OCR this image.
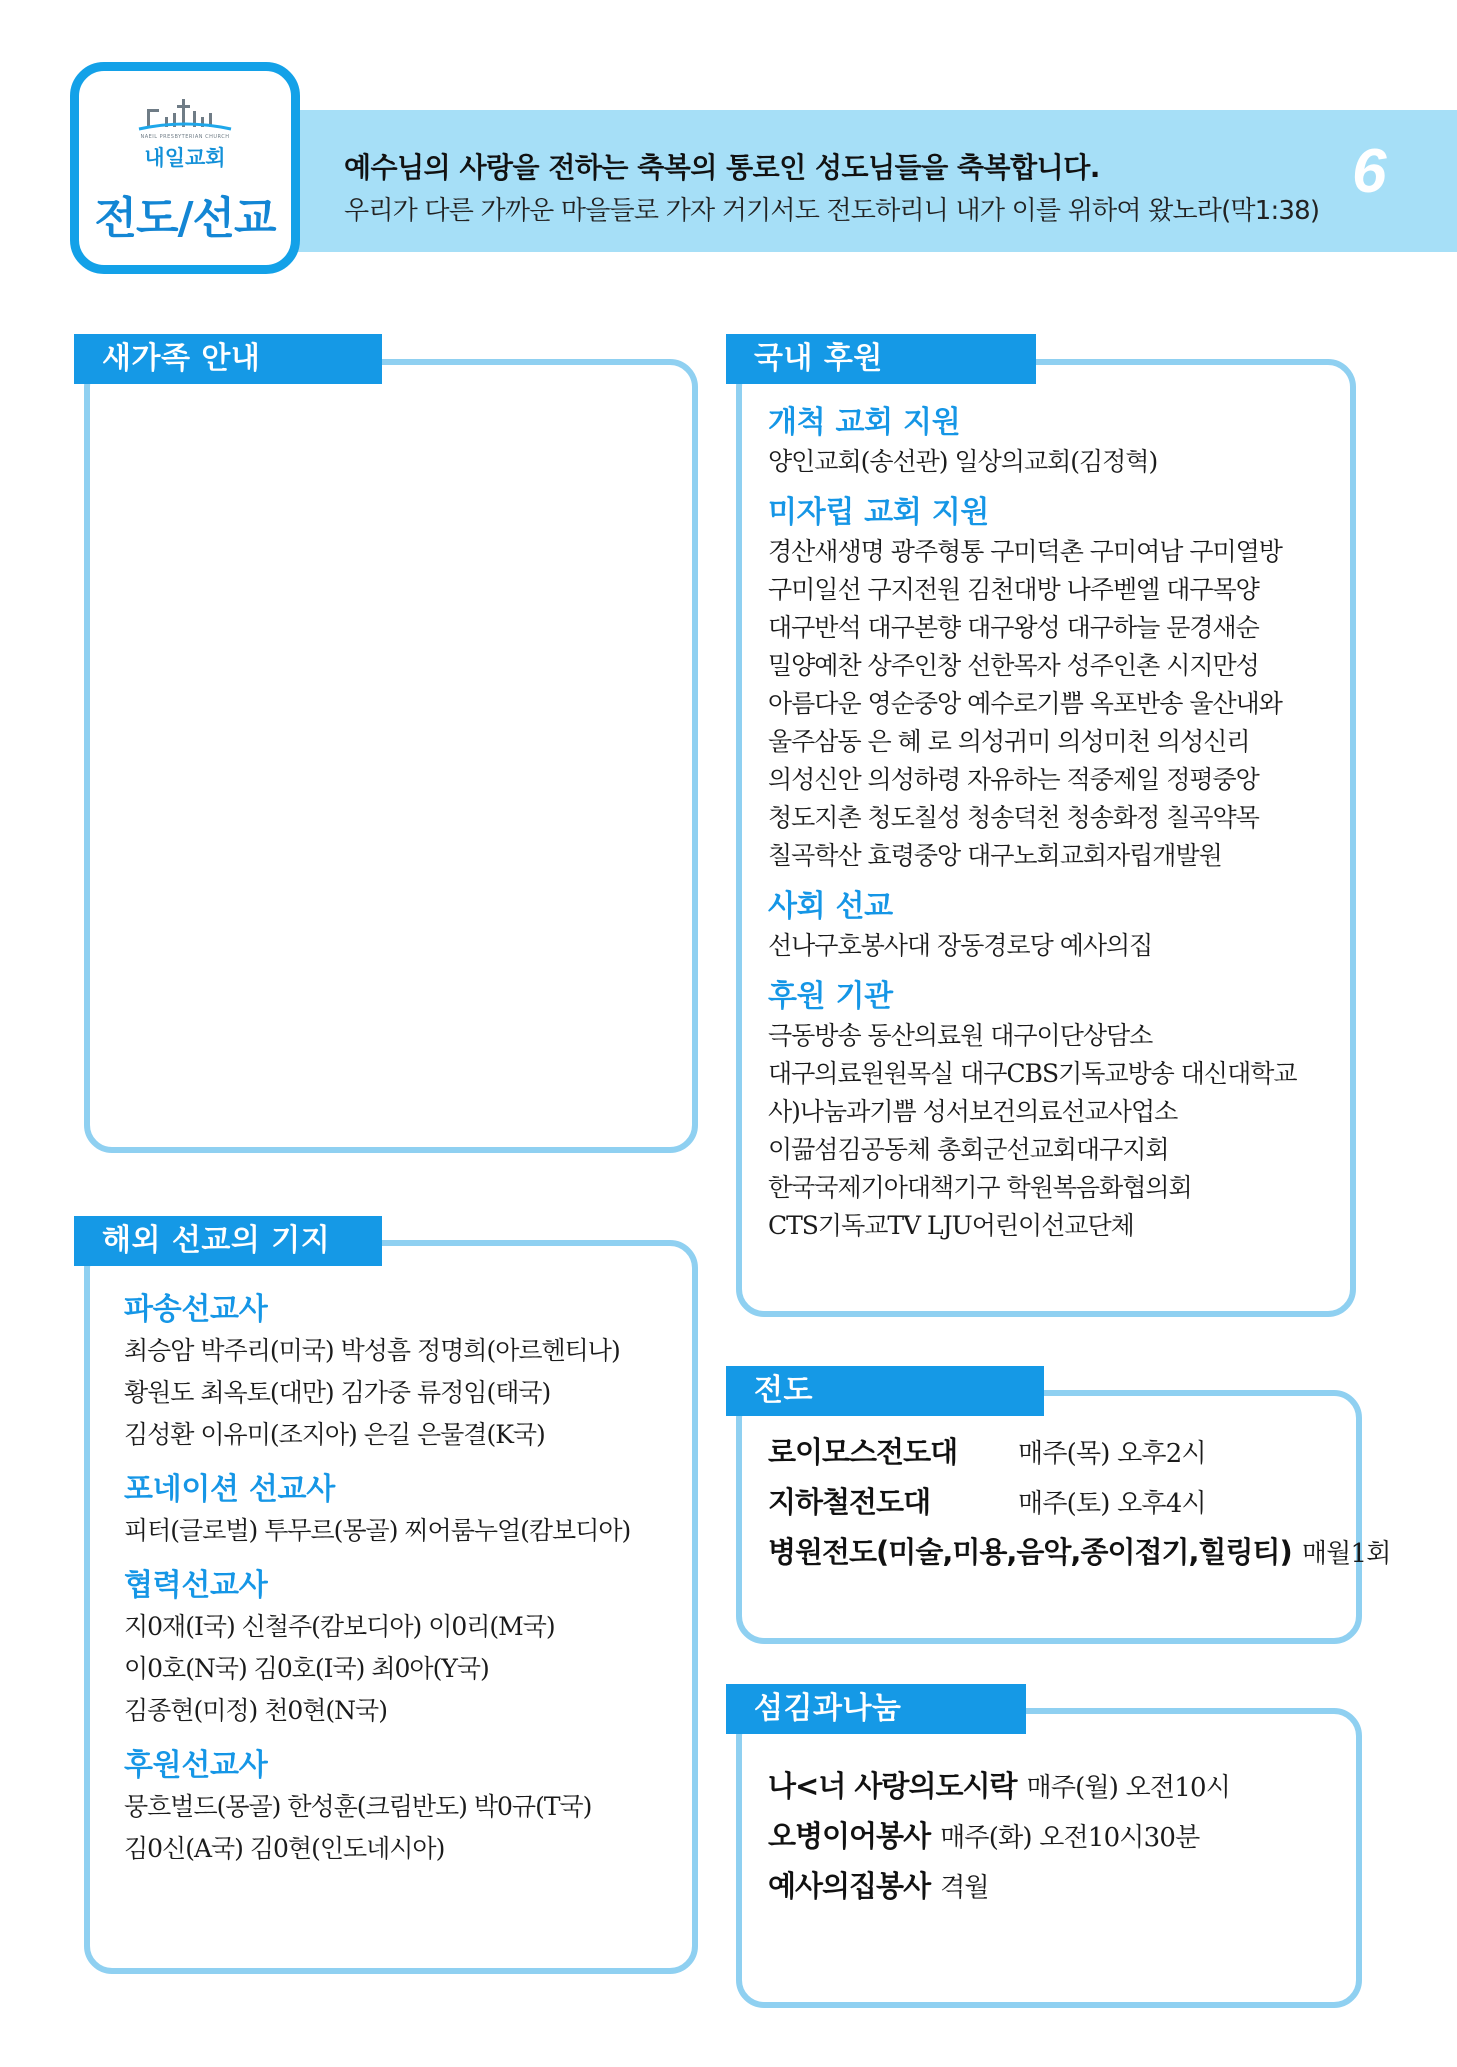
예수님의 사랑을 전하는 축복의 통로인 성도님들을 축복합니다.
우리가 다른 가까운 마을들로 가자 거기서도 전도하리니 내가 이를 위하여 왔노라(막1:38)
6
NAEIL PRESBYTERIAN CHURCH
내일교회
전도/선교
새가족 안내
파송선교사
최승암 박주리(미국) 박성흠 정명희(아르헨티나)
황원도 최옥토(대만) 김가중 류정임(태국)
김성환 이유미(조지아) 은길 은물결(K국)
포네이션 선교사
피터(글로벌) 투무르(몽골) 찌어룸누얼(캄보디아)
협력선교사
지0재(I국) 신철주(캄보디아) 이0리(M국)
이0호(N국) 김0호(I국) 최0아(Y국)
김종현(미정) 천0현(N국)
후원선교사
뭉흐벌드(몽골) 한성훈(크림반도) 박0규(T국)
김0신(A국) 김0현(인도네시아)
해외 선교의 기지
개척 교회 지원
양인교회(송선관) 일상의교회(김정혁)
미자립 교회 지원
경산새생명 광주형통 구미덕촌 구미여남 구미열방
구미일선 구지전원 김천대방 나주벧엘 대구목양
대구반석 대구본향 대구왕성 대구하늘 문경새순
밀양예찬 상주인창 선한목자 성주인촌 시지만성
아름다운 영순중앙 예수로기쁨 옥포반송 울산내와
울주삼동 은 혜 로 의성귀미 의성미천 의성신리
의성신안 의성하령 자유하는 적중제일 정평중앙
청도지촌 청도칠성 청송덕천 청송화정 칠곡약목
칠곡학산 효령중앙 대구노회교회자립개발원
사회 선교
선나구호봉사대 장동경로당 예사의집
후원 기관
극동방송 동산의료원 대구이단상담소
대구의료원원목실 대구CBS기독교방송 대신대학교
사)나눔과기쁨 성서보건의료선교사업소
이끎섬김공동체 총회군선교회대구지회
한국국제기아대책기구 학원복음화협의회
CTS기독교TV LJU어린이선교단체
국내 후원
로이모스전도대	매주(목) 오후2시
지하철전도대	매주(토) 오후4시
병원전도(미술,미용,음악,종이접기,힐링티) 매월1회
전도
나<너 사랑의도시락 매주(월) 오전10시
오병이어봉사 매주(화) 오전10시30분
예사의집봉사 격월
섬김과나눔
